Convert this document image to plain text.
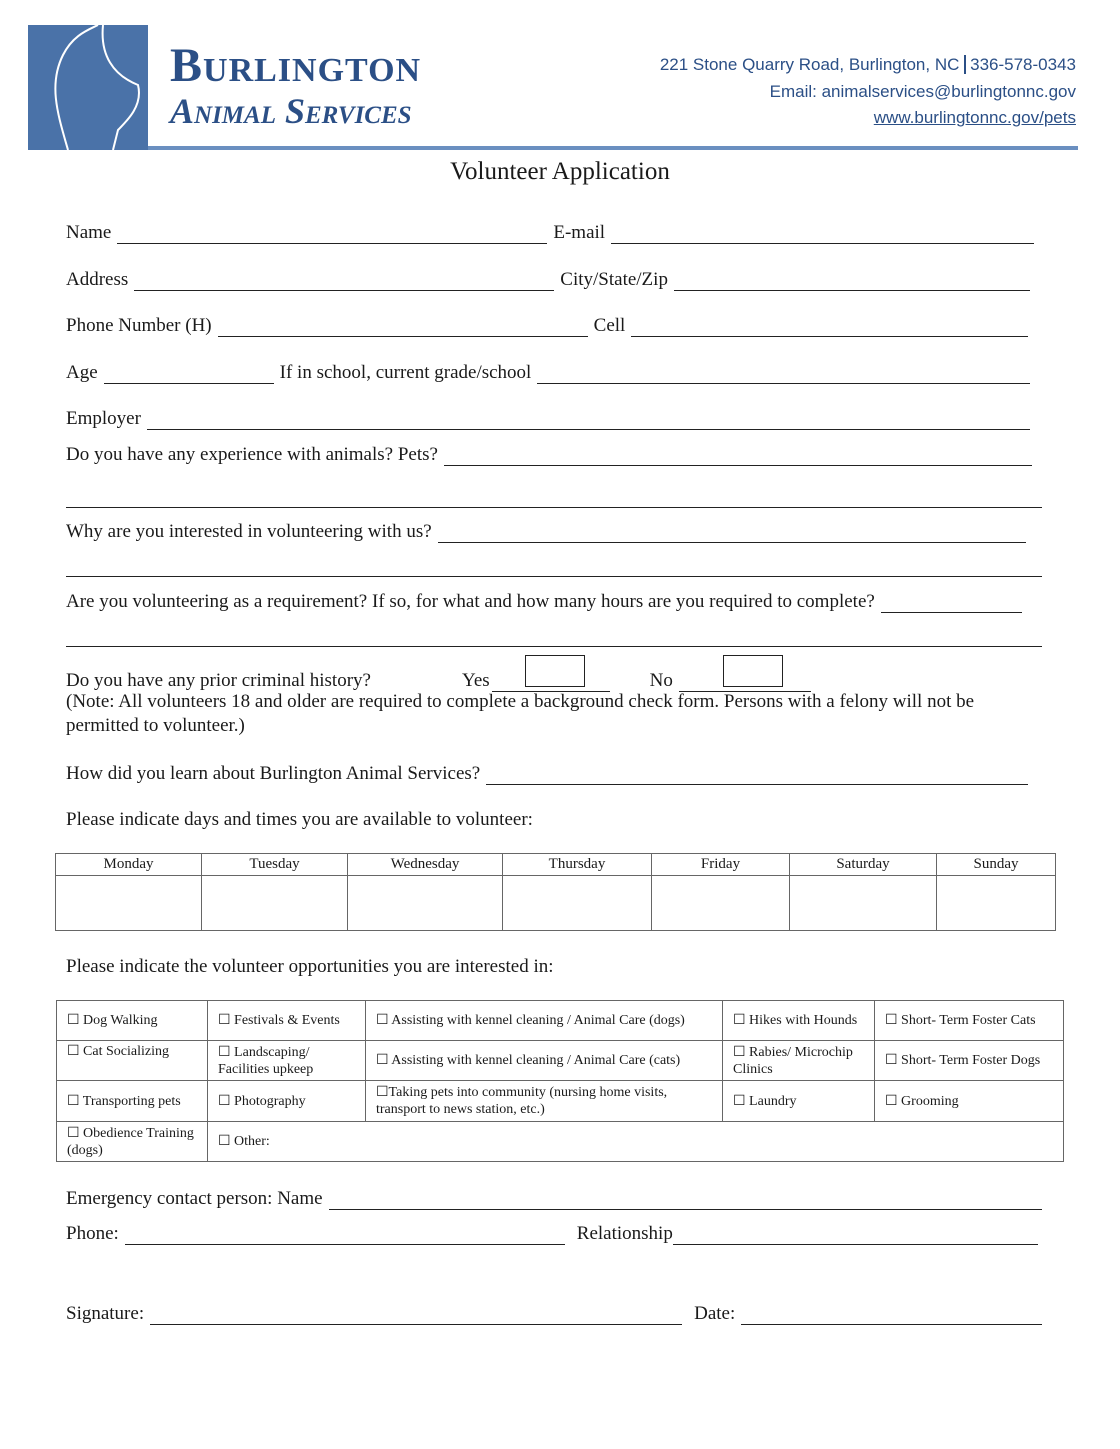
Burlington
Animal Services
221 Stone Quarry Road, Burlington, NC 336-578-0343
Email: animalservices@burlingtonnc.gov
www.burlingtonnc.gov/pets
Volunteer Application
Name	E-mail
Address	City/State/Zip
Phone Number (H)	Cell
Age	If in school, current grade/school
Employer
Do you have any experience with animals? Pets?
Why are you interested in volunteering with us?
Are you volunteering as a requirement? If so, for what and how many hours are you required to complete?
Do you have any prior criminal history?	Yes	No
(Note: All volunteers 18 and older are required to complete a background check form. Persons with a felony will not be permitted to volunteer.)
How did you learn about Burlington Animal Services?
Please indicate days and times you are available to volunteer:
Monday	Tuesday	Wednesday	Thursday	Friday	Saturday	Sunday

Please indicate the volunteer opportunities you are interested in:
☐ Dog Walking	☐ Festivals & Events	☐ Assisting with kennel cleaning / Animal Care (dogs)	☐ Hikes with Hounds	☐ Short- Term Foster Cats
☐ Cat Socializing	☐ Landscaping/ Facilities upkeep	☐ Assisting with kennel cleaning / Animal Care (cats)	☐ Rabies/ Microchip Clinics	☐ Short- Term Foster Dogs
☐ Transporting pets	☐ Photography	☐Taking pets into community (nursing home visits, transport to news station, etc.)	☐ Laundry	☐ Grooming
☐ Obedience Training (dogs)	☐ Other:			
Emergency contact person: Name
Phone:	Relationship
Signature:	Date:
